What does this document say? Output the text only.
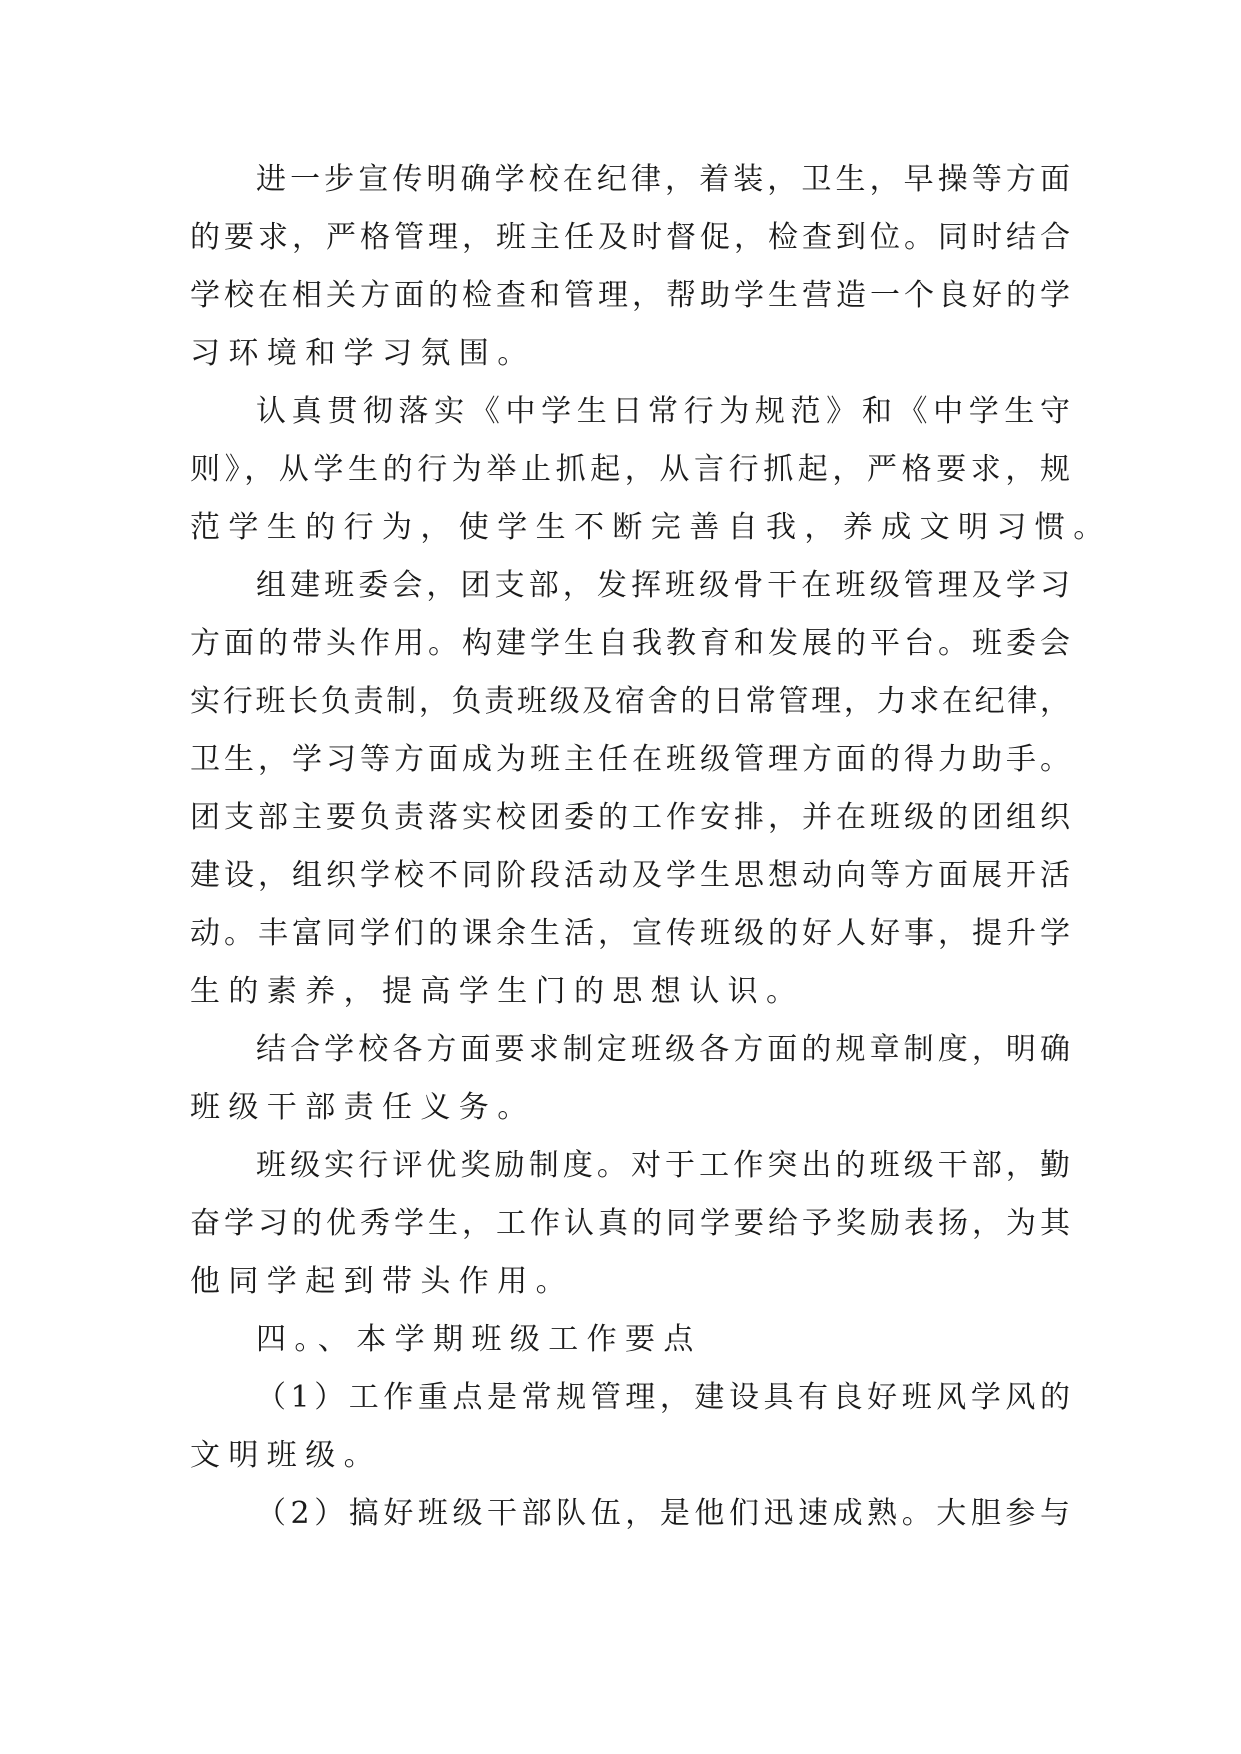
进一步宣传明确学校在纪律，着装，卫生，早操等方面
的要求，严格管理，班主任及时督促，检查到位。同时结合
学校在相关方面的检查和管理，帮助学生营造一个良好的学
习环境和学习氛围。
认真贯彻落实《中学生日常行为规范》和《中学生守
则》，从学生的行为举止抓起，从言行抓起，严格要求，规
范学生的行为，使学生不断完善自我，养成文明习惯。
组建班委会，团支部，发挥班级骨干在班级管理及学习
方面的带头作用。构建学生自我教育和发展的平台。班委会
实行班长负责制，负责班级及宿舍的日常管理，力求在纪律，
卫生，学习等方面成为班主任在班级管理方面的得力助手。
团支部主要负责落实校团委的工作安排，并在班级的团组织
建设，组织学校不同阶段活动及学生思想动向等方面展开活
动。丰富同学们的课余生活，宣传班级的好人好事，提升学
生的素养，提高学生门的思想认识。
结合学校各方面要求制定班级各方面的规章制度，明确
班级干部责任义务。
班级实行评优奖励制度。对于工作突出的班级干部，勤
奋学习的优秀学生，工作认真的同学要给予奖励表扬，为其
他同学起到带头作用。
四。、本学期班级工作要点
（1）工作重点是常规管理，建设具有良好班风学风的
文明班级。
（2）搞好班级干部队伍，是他们迅速成熟。大胆参与
